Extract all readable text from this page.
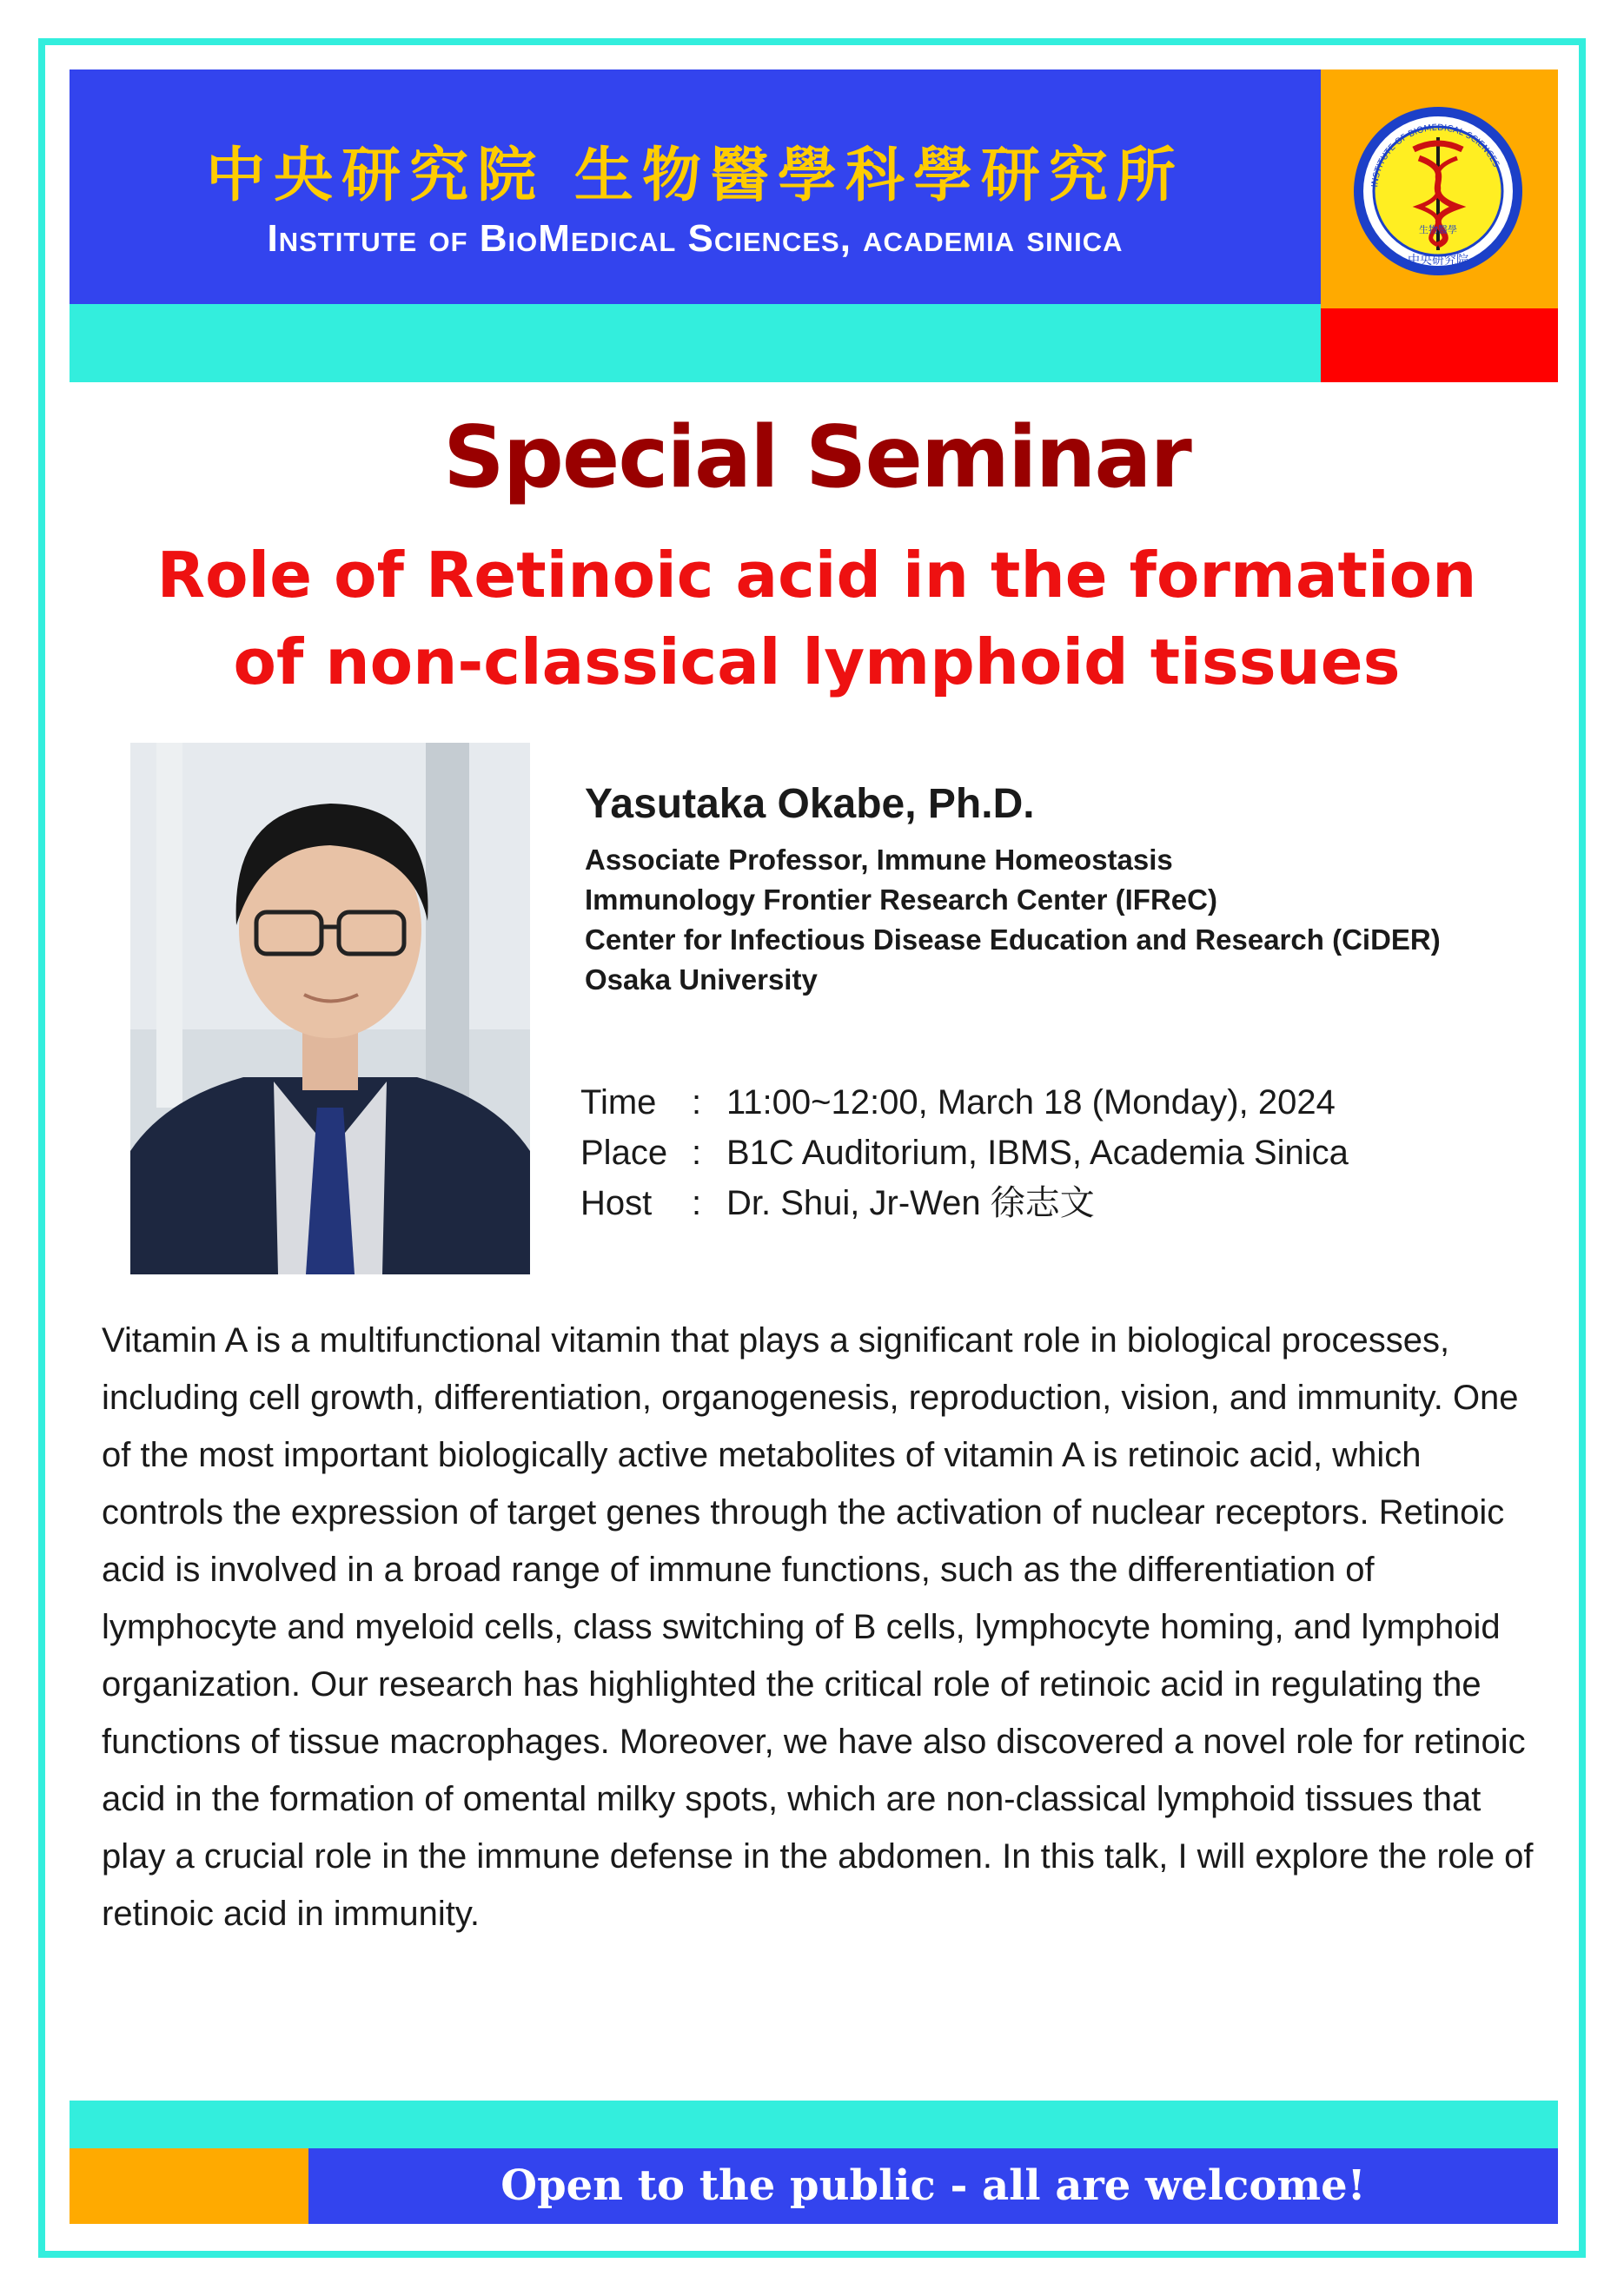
中央研究院 生物醫學科學研究所
Institute of BioMedical Sciences, academia sinica
INSTITUTE OF BIOMEDICAL SCIENCES
中央研究院
生物醫學
Special Seminar
Role of Retinoic acid in the formation
of non-classical lymphoid tissues
Yasutaka Okabe, Ph.D.
Associate Professor, Immune Homeostasis
Immunology Frontier Research Center (IFReC)
Center for Infectious Disease Education and Research (CiDER)
Osaka University
Time	: 11:00~12:00, March 18 (Monday), 2024
Place : B1C Auditorium, IBMS, Academia Sinica
Host	: Dr. Shui, Jr-Wen 徐志文
Vitamin A is a multifunctional vitamin that plays a significant role in biological processes, including cell growth, differentiation, organogenesis, reproduction, vision, and immunity. One of the most important biologically active metabolites of vitamin A is retinoic acid, which controls the expression of target genes through the activation of nuclear receptors. Retinoic acid is involved in a broad range of immune functions, such as the differentiation of lymphocyte and myeloid cells, class switching of B cells, lymphocyte homing, and lymphoid organization. Our research has highlighted the critical role of retinoic acid in regulating the functions of tissue macrophages. Moreover, we have also discovered a novel role for retinoic acid in the formation of omental milky spots, which are non-classical lymphoid tissues that play a crucial role in the immune defense in the abdomen. In this talk, I will explore the role of retinoic acid in immunity.
Open to the public - all are welcome!
